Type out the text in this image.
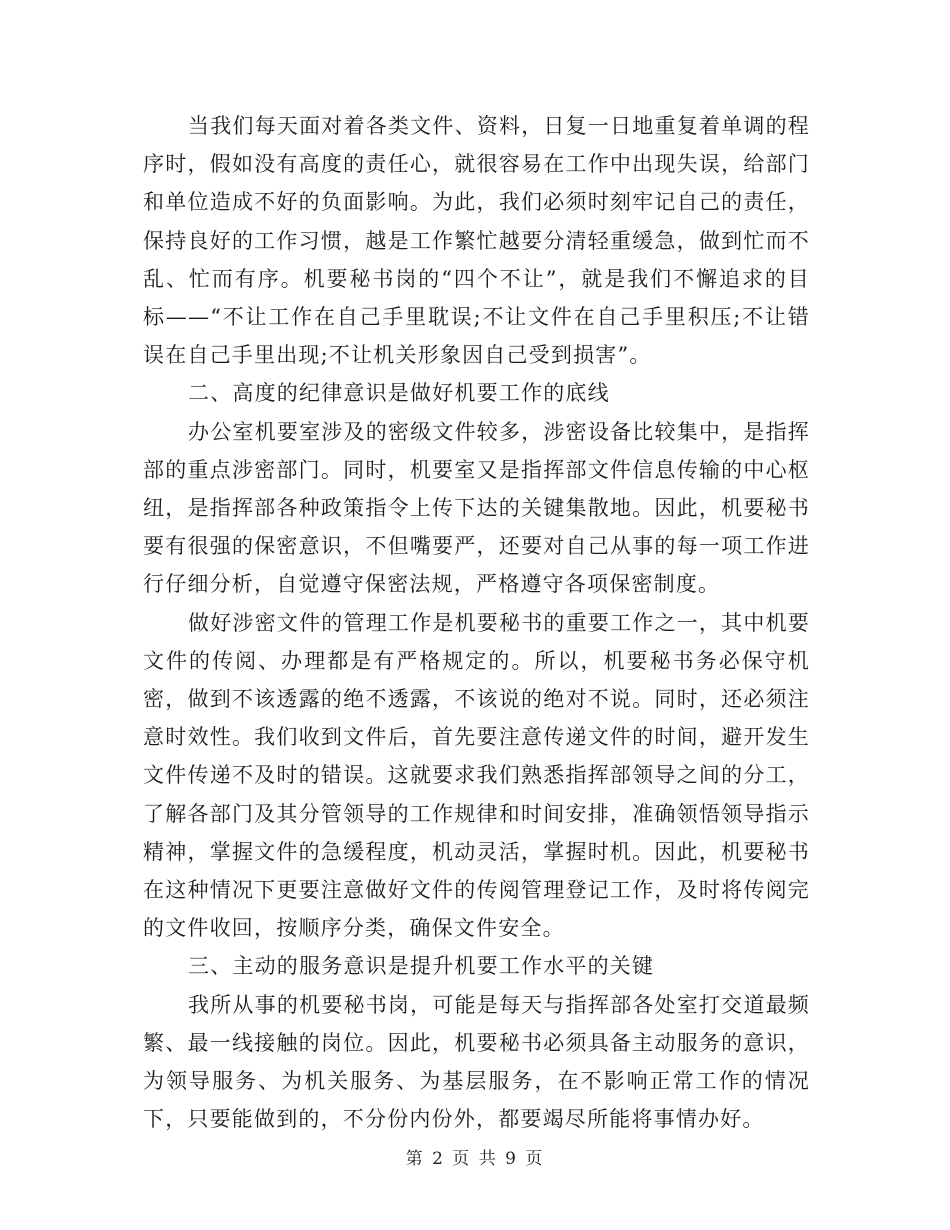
当我们每天面对着各类文件、资料，日复一日地重复着单调的程序时，假如没有高度的责任心，就很容易在工作中出现失误，给部门和单位造成不好的负面影响。为此，我们必须时刻牢记自己的责任，保持良好的工作习惯，越是工作繁忙越要分清轻重缓急，做到忙而不乱、忙而有序。机要秘书岗的“四个不让”，就是我们不懈追求的目标——“不让工作在自己手里耽误;不让文件在自己手里积压;不让错误在自己手里出现;不让机关形象因自己受到损害”。

二、高度的纪律意识是做好机要工作的底线

办公室机要室涉及的密级文件较多，涉密设备比较集中，是指挥部的重点涉密部门。同时，机要室又是指挥部文件信息传输的中心枢纽，是指挥部各种政策指令上传下达的关键集散地。因此，机要秘书要有很强的保密意识，不但嘴要严，还要对自己从事的每一项工作进行仔细分析，自觉遵守保密法规，严格遵守各项保密制度。

做好涉密文件的管理工作是机要秘书的重要工作之一，其中机要文件的传阅、办理都是有严格规定的。所以，机要秘书务必保守机密，做到不该透露的绝不透露，不该说的绝对不说。同时，还必须注意时效性。我们收到文件后，首先要注意传递文件的时间，避开发生文件传递不及时的错误。这就要求我们熟悉指挥部领导之间的分工，了解各部门及其分管领导的工作规律和时间安排，准确领悟领导指示精神，掌握文件的急缓程度，机动灵活，掌握时机。因此，机要秘书在这种情况下更要注意做好文件的传阅管理登记工作，及时将传阅完的文件收回，按顺序分类，确保文件安全。

三、主动的服务意识是提升机要工作水平的关键

我所从事的机要秘书岗，可能是每天与指挥部各处室打交道最频繁、最一线接触的岗位。因此，机要秘书必须具备主动服务的意识，为领导服务、为机关服务、为基层服务，在不影响正常工作的情况下，只要能做到的，不分份内份外，都要竭尽所能将事情办好。

第 2 页 共 9 页
